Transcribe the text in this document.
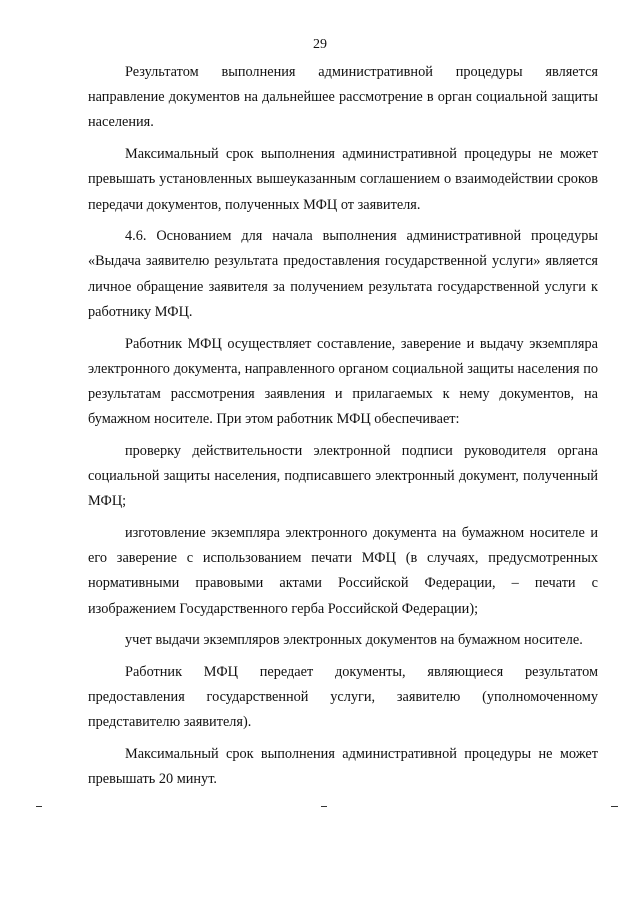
29

Результатом выполнения административной процедуры является направление документов на дальнейшее рассмотрение в орган социальной защиты населения.

Максимальный срок выполнения административной процедуры не может превышать установленных вышеуказанным соглашением о взаимодействии сроков передачи документов, полученных МФЦ от заявителя.

4.6. Основанием для начала выполнения административной процедуры «Выдача заявителю результата предоставления государственной услуги» является личное обращение заявителя за получением результата государственной услуги к работнику МФЦ.

Работник МФЦ осуществляет составление, заверение и выдачу экземпляра электронного документа, направленного органом социальной защиты населения по результатам рассмотрения заявления и прилагаемых к нему документов, на бумажном носителе. При этом работник МФЦ обеспечивает:

проверку действительности электронной подписи руководителя органа социальной защиты населения, подписавшего электронный документ, полученный МФЦ;

изготовление экземпляра электронного документа на бумажном носителе и его заверение с использованием печати МФЦ (в случаях, предусмотренных нормативными правовыми актами Российской Федерации, – печати с изображением Государственного герба Российской Федерации);

учет выдачи экземпляров электронных документов на бумажном носителе.

Работник МФЦ передает документы, являющиеся результатом предоставления государственной услуги, заявителю (уполномоченному представителю заявителя).

Максимальный срок выполнения административной процедуры не может превышать 20 минут.
